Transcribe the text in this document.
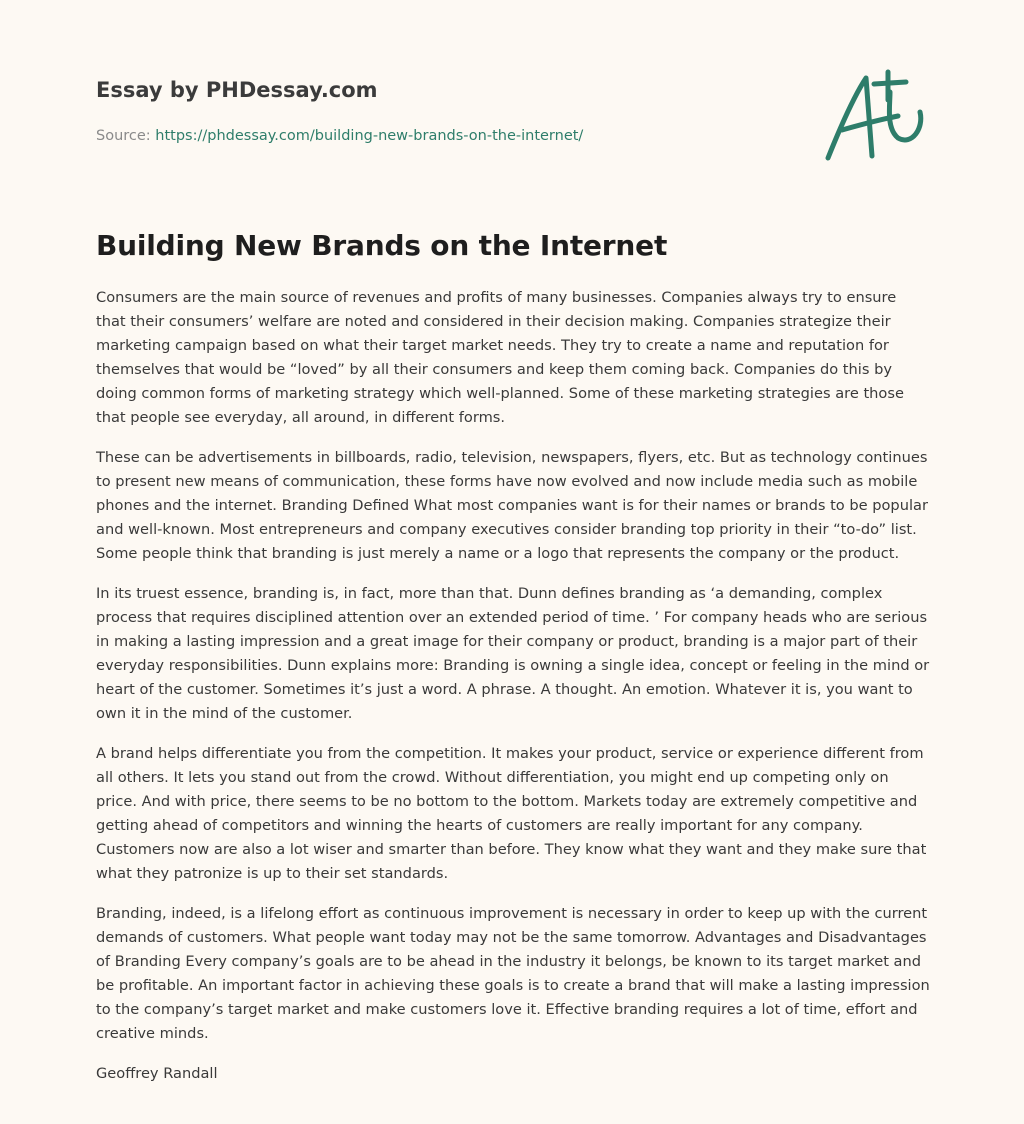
Essay by PHDessay.com

Source: https://phdessay.com/building-new-brands-on-the-internet/
Building New Brands on the Internet

Consumers are the main source of revenues and profits of many businesses. Companies always try to ensure that their consumers’ welfare are noted and considered in their decision making. Companies strategize their marketing campaign based on what their target market needs. They try to create a name and reputation for themselves that would be “loved” by all their consumers and keep them coming back. Companies do this by doing common forms of marketing strategy which well-planned. Some of these marketing strategies are those that people see everyday, all around, in different forms.

These can be advertisements in billboards, radio, television, newspapers, flyers, etc. But as technology continues to present new means of communication, these forms have now evolved and now include media such as mobile phones and the internet. Branding Defined What most companies want is for their names or brands to be popular and well-known. Most entrepreneurs and company executives consider branding top priority in their “to-do” list. Some people think that branding is just merely a name or a logo that represents the company or the product.

In its truest essence, branding is, in fact, more than that. Dunn defines branding as ‘a demanding, complex process that requires disciplined attention over an extended period of time. ’ For company heads who are serious in making a lasting impression and a great image for their company or product, branding is a major part of their everyday responsibilities. Dunn explains more: Branding is owning a single idea, concept or feeling in the mind or heart of the customer. Sometimes it’s just a word. A phrase. A thought. An emotion. Whatever it is, you want to own it in the mind of the customer.

A brand helps differentiate you from the competition. It makes your product, service or experience different from all others. It lets you stand out from the crowd. Without differentiation, you might end up competing only on price. And with price, there seems to be no bottom to the bottom. Markets today are extremely competitive and getting ahead of competitors and winning the hearts of customers are really important for any company. Customers now are also a lot wiser and smarter than before. They know what they want and they make sure that what they patronize is up to their set standards.

Branding, indeed, is a lifelong effort as continuous improvement is necessary in order to keep up with the current demands of customers. What people want today may not be the same tomorrow. Advantages and Disadvantages of Branding Every company’s goals are to be ahead in the industry it belongs, be known to its target market and be profitable. An important factor in achieving these goals is to create a brand that will make a lasting impression to the company’s target market and make customers love it. Effective branding requires a lot of time, effort and creative minds.

Geoffrey Randall
